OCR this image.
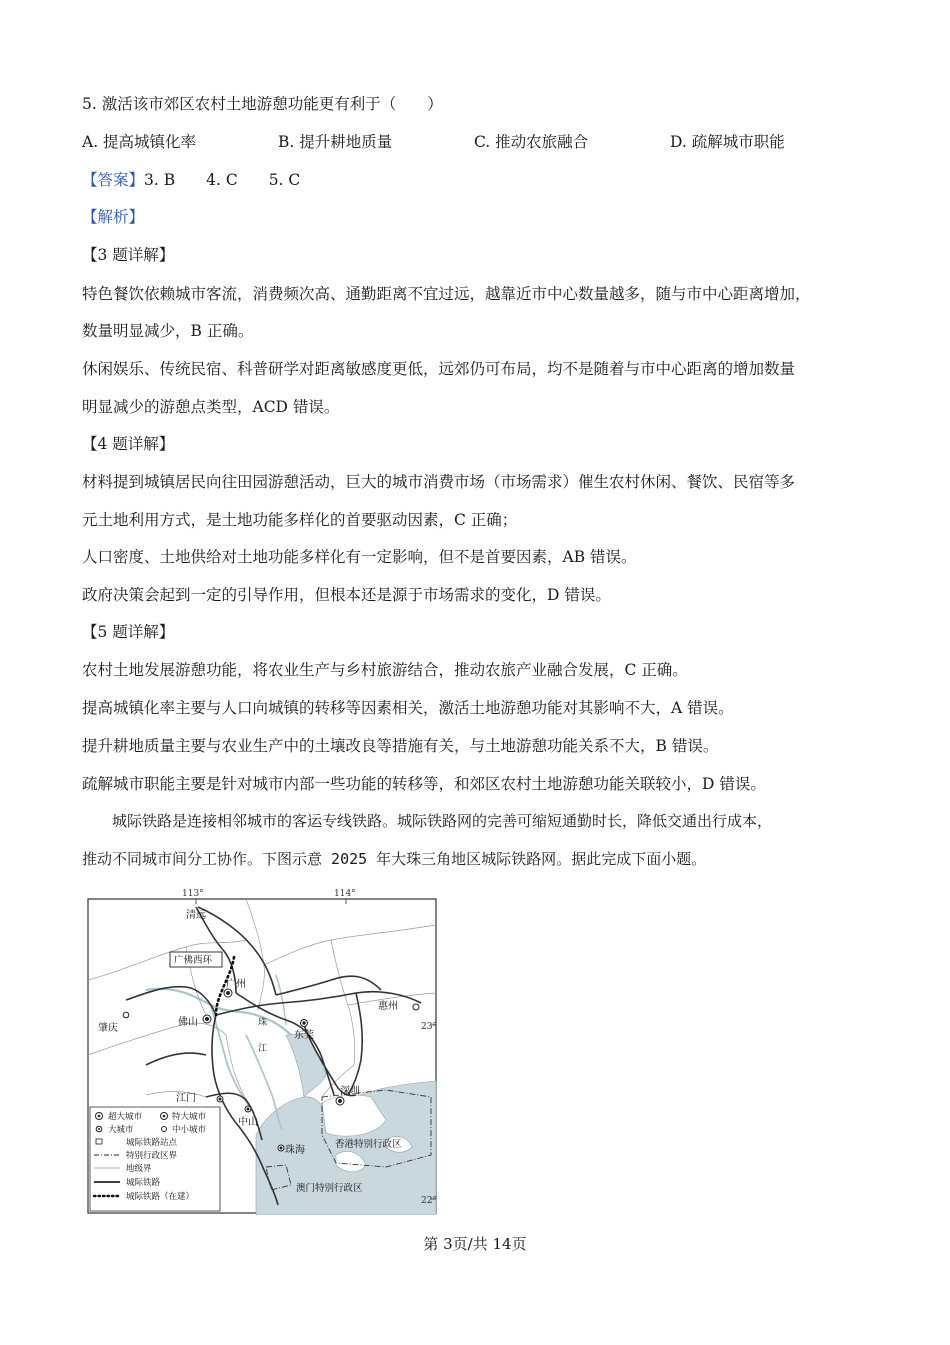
5. 激活该市郊区农村土地游憩功能更有利于（　　）
A. 提高城镇化率	B. 提升耕地质量	C. 推动农旅融合	D. 疏解城市职能
【答案】3. B　　4. C　　5. C
【解析】
【3 题详解】
特色餐饮依赖城市客流，消费频次高、通勤距离不宜过远，越靠近市中心数量越多，随与市中心距离增加，
数量明显减少，B 正确。
休闲娱乐、传统民宿、科普研学对距离敏感度更低，远郊仍可布局，均不是随着与市中心距离的增加数量
明显减少的游憩点类型，ACD 错误。
【4 题详解】
材料提到城镇居民向往田园游憩活动，巨大的城市消费市场（市场需求）催生农村休闲、餐饮、民宿等多
元土地利用方式，是土地功能多样化的首要驱动因素，C 正确；
人口密度、土地供给对土地功能多样化有一定影响，但不是首要因素，AB 错误。
政府决策会起到一定的引导作用，但根本还是源于市场需求的变化，D 错误。
【5 题详解】
农村土地发展游憩功能，将农业生产与乡村旅游结合，推动农旅产业融合发展，C 正确。
提高城镇化率主要与人口向城镇的转移等因素相关，激活土地游憩功能对其影响不大，A 错误。
提升耕地质量主要与农业生产中的土壤改良等措施有关，与土地游憩功能关系不大，B 错误。
疏解城市职能主要是针对城市内部一些功能的转移等，和郊区农村土地游憩功能关联较小，D 错误。
　　城际铁路是连接相邻城市的客运专线铁路。城际铁路网的完善可缩短通勤时长，降低交通出行成本，
推动不同城市间分工协作。下图示意 2025 年大珠三角地区城际铁路网。据此完成下面小题。
113°	114°
23°
22°
清远
广州
肇庆
佛山
东莞
惠州
江门
中山
深圳
珠海
珠
江
香港特别行政区
澳门特别行政区
广佛西环
超大城市	特大城市
大城市	中小城市
城际铁路站点
特别行政区界
地级界
城际铁路
城际铁路（在建）
第 3页/共 14页
